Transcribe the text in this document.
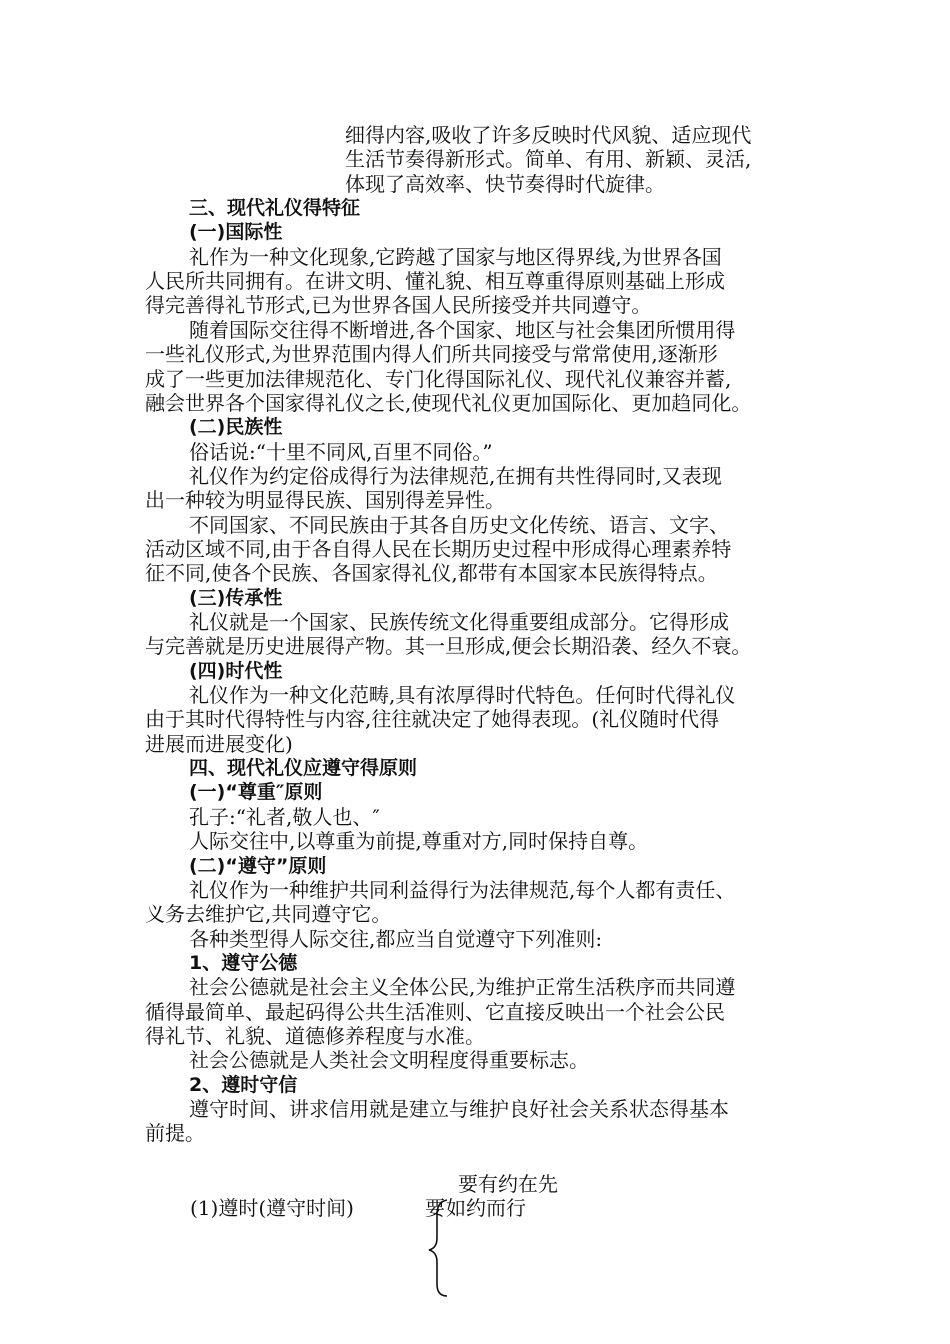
细得内容,吸收了许多反映时代风貌、适应现代
生活节奏得新形式。简单、有用、新颖、灵活,
体现了高效率、快节奏得时代旋律。
三、现代礼仪得特征
(一)国际性
礼作为一种文化现象,它跨越了国家与地区得界线,为世界各国
人民所共同拥有。在讲文明、懂礼貌、相互尊重得原则基础上形成
得完善得礼节形式,已为世界各国人民所接受并共同遵守。
随着国际交往得不断增进,各个国家、地区与社会集团所惯用得
一些礼仪形式,为世界范围内得人们所共同接受与常常使用,逐渐形
成了一些更加法律规范化、专门化得国际礼仪、现代礼仪兼容并蓄,
融会世界各个国家得礼仪之长,使现代礼仪更加国际化、更加趋同化。
(二)民族性
俗话说:“十里不同风,百里不同俗。”
礼仪作为约定俗成得行为法律规范,在拥有共性得同时,又表现
出一种较为明显得民族、国别得差异性。
不同国家、不同民族由于其各自历史文化传统、语言、文字、
活动区域不同,由于各自得人民在长期历史过程中形成得心理素养特
征不同,使各个民族、各国家得礼仪,都带有本国家本民族得特点。
(三)传承性
礼仪就是一个国家、民族传统文化得重要组成部分。它得形成
与完善就是历史进展得产物。其一旦形成,便会长期沿袭、经久不衰。
(四)时代性
礼仪作为一种文化范畴,具有浓厚得时代特色。任何时代得礼仪
由于其时代得特性与内容,往往就决定了她得表现。(礼仪随时代得
进展而进展变化)
四、现代礼仪应遵守得原则
(一)“尊重″原则
孔子:“礼者,敬人也、″
人际交往中,以尊重为前提,尊重对方,同时保持自尊。
(二)“遵守”原则
礼仪作为一种维护共同利益得行为法律规范,每个人都有责任、
义务去维护它,共同遵守它。
各种类型得人际交往,都应当自觉遵守下列准则:
1、遵守公德
社会公德就是社会主义全体公民,为维护正常生活秩序而共同遵
循得最简单、最起码得公共生活准则、它直接反映出一个社会公民
得礼节、礼貌、道德修养程度与水准。
社会公德就是人类社会文明程度得重要标志。
2、遵时守信
遵守时间、讲求信用就是建立与维护良好社会关系状态得基本
前提。
要有约在先
(1)遵时(遵守时间)	要 如约而行
